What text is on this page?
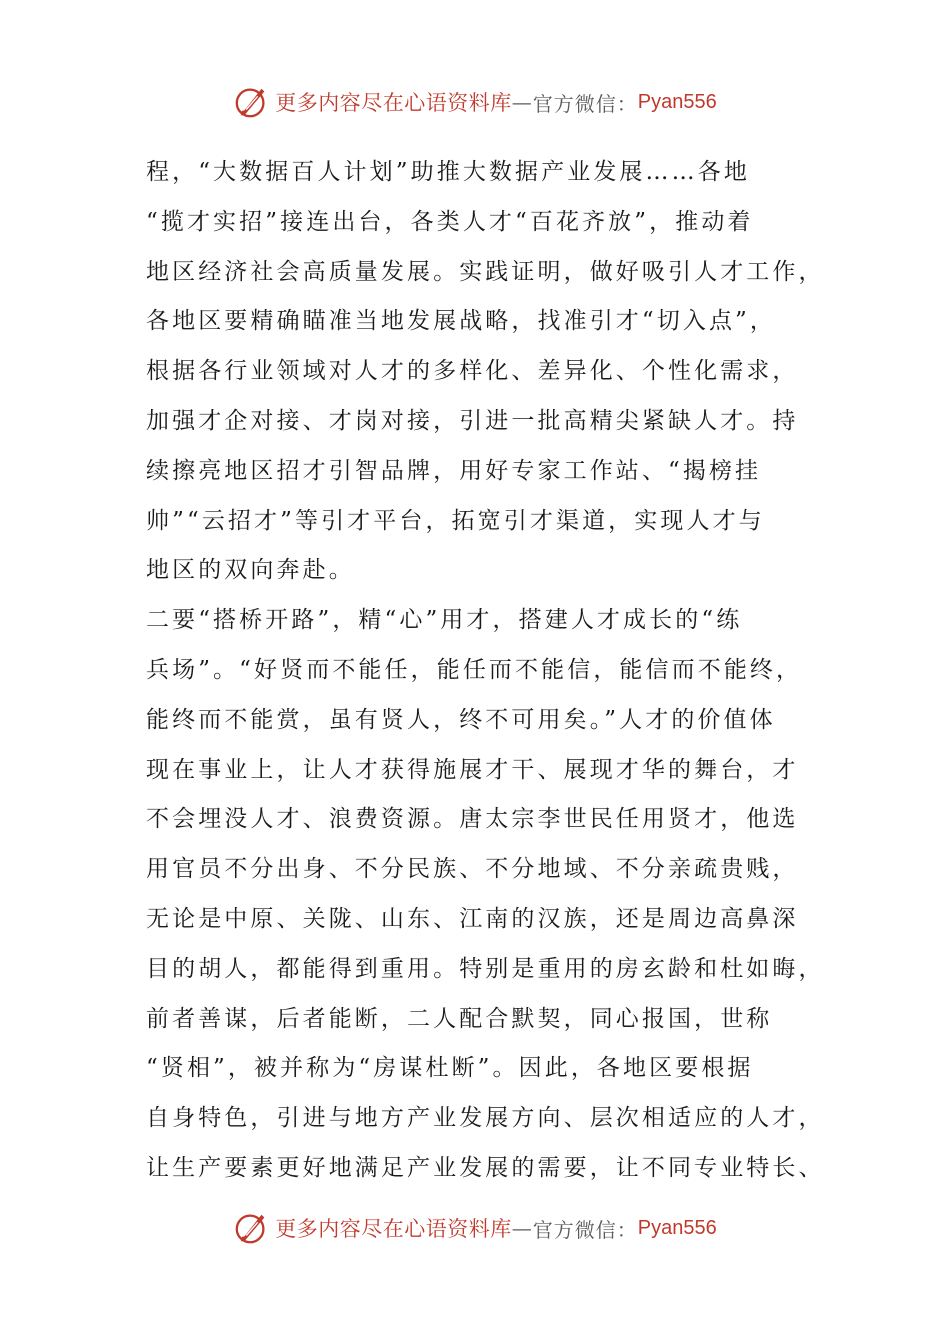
更多内容尽在心语资料库 — 官方微信： Pyan556
程，“大数据百人计划”助推大数据产业发展……各地
“揽才实招”接连出台，各类人才“百花齐放”，推动着
地区经济社会高质量发展。实践证明，做好吸引人才工作，
各地区要精确瞄准当地发展战略，找准引才“切入点”，
根据各行业领域对人才的多样化、差异化、个性化需求，
加强才企对接、才岗对接，引进一批高精尖紧缺人才。持
续擦亮地区招才引智品牌，用好专家工作站、“揭榜挂
帅”“云招才”等引才平台，拓宽引才渠道，实现人才与
地区的双向奔赴。
二要“搭桥开路”，精“心”用才，搭建人才成长的“练
兵场”。“好贤而不能任，能任而不能信，能信而不能终，
能终而不能赏，虽有贤人，终不可用矣。”人才的价值体
现在事业上，让人才获得施展才干、展现才华的舞台，才
不会埋没人才、浪费资源。唐太宗李世民任用贤才，他选
用官员不分出身、不分民族、不分地域、不分亲疏贵贱，
无论是中原、关陇、山东、江南的汉族，还是周边高鼻深
目的胡人，都能得到重用。特别是重用的房玄龄和杜如晦，
前者善谋，后者能断，二人配合默契，同心报国，世称
“贤相”，被并称为“房谋杜断”。因此，各地区要根据
自身特色，引进与地方产业发展方向、层次相适应的人才，
让生产要素更好地满足产业发展的需要，让不同专业特长、
更多内容尽在心语资料库 — 官方微信： Pyan556
